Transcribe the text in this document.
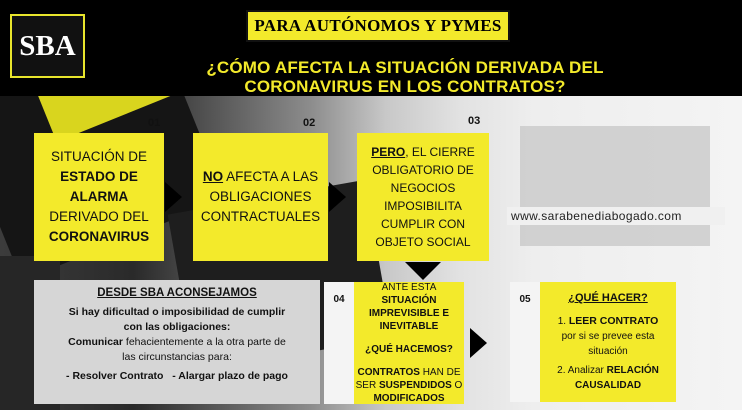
SBA
PARA AUTÓNOMOS Y PYMES
¿CÓMO AFECTA LA SITUACIÓN DERIVADA DEL
CORONAVIRUS EN LOS CONTRATOS?
01	02	03
SITUACIÓN DE
ESTADO DE
ALARMA
DERIVADO DEL
CORONAVIRUS
NO AFECTA A LAS
OBLIGACIONES
CONTRACTUALES
PERO, EL CIERRE
OBLIGATORIO DE
NEGOCIOS
IMPOSIBILITA
CUMPLIR CON
OBJETO SOCIAL
www.sarabenediabogado.com
DESDE SBA ACONSEJAMOS
Si hay dificultad o imposibilidad de cumplir
con las obligaciones:
Comunicar fehacientemente a la otra parte de
las circunstancias para:
- Resolver Contrato - Alargar plazo de pago
04
ANTE ESTA SITUACIÓN
IMPREVISIBLE E
INEVITABLE
¿QUÉ HACEMOS?
CONTRATOS HAN DE
SER SUSPENDIDOS O
MODIFICADOS
05	¿QUÉ HACER?
1. LEER CONTRATO
por si se prevee esta
situación
2. Analizar RELACIÓN
CAUSALIDAD
